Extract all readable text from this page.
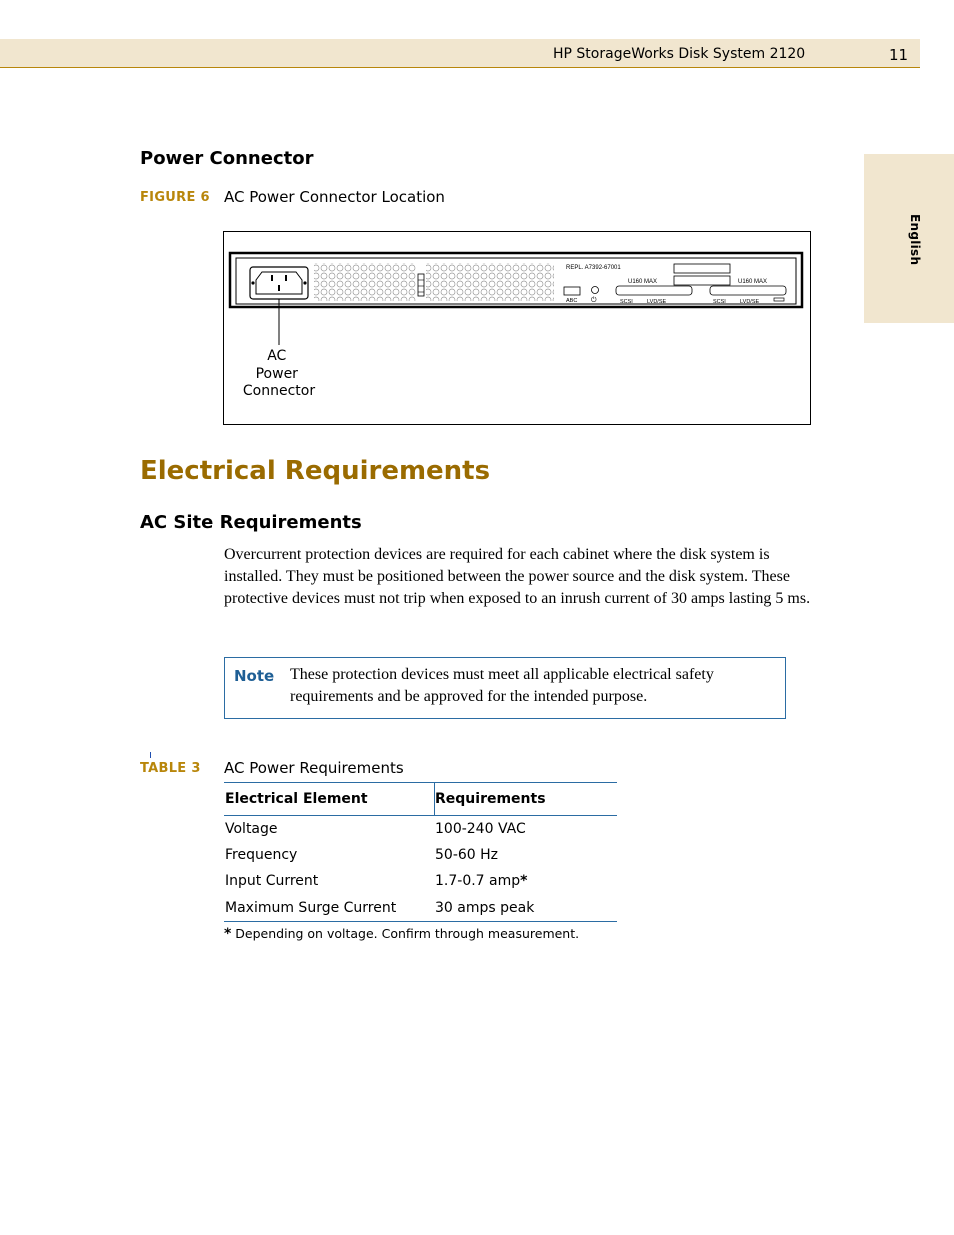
HP StorageWorks Disk System 2120	11
English
Power Connector
FIGURE 6 AC Power Connector Location
REPL. A7392-67001
U160 MAX	U160 MAX
ABC ⏻	SCSI	LVD/SE	SCSI	LVD/SE
AC Power Connector
Electrical Requirements
AC Site Requirements
Overcurrent protection devices are required for each cabinet where the disk system is installed. They must be positioned between the power source and the disk system. These protective devices must not trip when exposed to an inrush current of 30 amps lasting 5 ms.
Note These protection devices must meet all applicable electrical safety requirements and be approved for the intended purpose.
TABLE 3 AC Power Requirements
Electrical Element	Requirements
Voltage	100-240 VAC
Frequency	50-60 Hz
Input Current	1.7-0.7 amp*
Maximum Surge Current	30 amps peak
* Depending on voltage. Confirm through measurement.
